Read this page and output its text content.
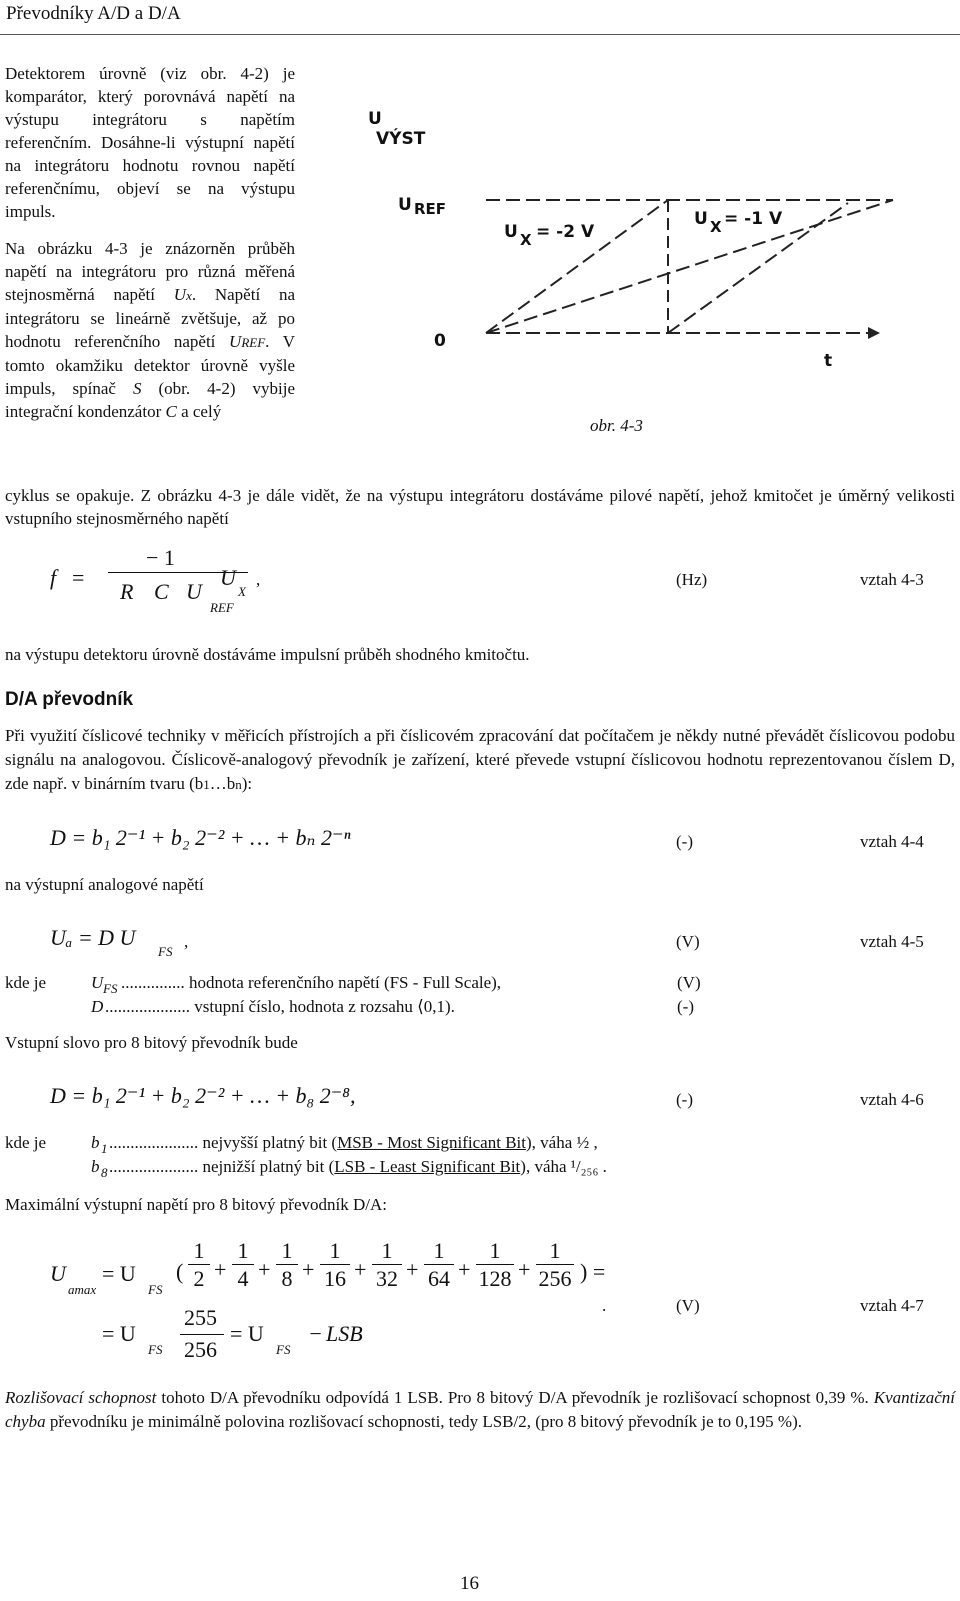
Převodníky A/D a D/A

Detektorem úrovně (viz obr. 4-2) je komparátor, který porovnává napětí na výstupu integrátoru s napětím referenčním. Dosáhne-li výstupní napětí na integrátoru hodnotu rovnou napětí referenčnímu, objeví se na výstupu impuls.

Na obrázku 4-3 je znázorněn průběh napětí na integrátoru pro různá měřená stejnosměrná napětí Ux. Napětí na integrátoru se lineárně zvětšuje, až po hodnotu referenčního napětí UREF. V tomto okamžiku detektor úrovně vyšle impuls, spínač S (obr. 4-2) vybije integrační kondenzátor C a celý

U
VÝST
U REF
U X = -2 V
U X = -1 V
0
t
obr. 4-3
cyklus se opakuje. Z obrázku 4-3 je dále vidět, že na výstupu integrátoru dostáváme pilové napětí, jehož kmitočet je úměrný velikosti vstupního stejnosměrného napětí
f =
− 1
R C U
REF
U
X
,	(Hz)	vztah 4-3
na výstupu detektoru úrovně dostáváme impulsní průběh shodného kmitočtu.
D/A převodník
Při využití číslicové techniky v měřicích přístrojích a při číslicovém zpracování dat počítačem je někdy nutné převádět číslicovou podobu signálu na analogovou. Číslicově-analogový převodník je zařízení, které převede vstupní číslicovou hodnotu reprezentovanou číslem D, zde např. v binárním tvaru (b1…bn):
D = b₁ 2⁻¹ + b₂ 2⁻² + … + bₙ 2⁻ⁿ	(-)	vztah 4-4
na výstupní analogové napětí
Uₐ = D U
FS
,	(V)	vztah 4-5
kde je	U FS ............... hodnota referenčního napětí (FS - Full Scale),	(V)
D .................... vstupní číslo, hodnota z rozsahu ⟨0,1).	(-)
Vstupní slovo pro 8 bitový převodník bude
D = b₁ 2⁻¹ + b₂ 2⁻² + … + b₈ 2⁻⁸,	(-)	vztah 4-6
kde je	b 1 ..................... nejvyšší platný bit (MSB - Most Significant Bit), váha ½ ,
b 8 ..................... nejnižší platný bit (LSB - Least Significant Bit), váha ¹/₂₅₆ .
Maximální výstupní napětí pro 8 bitový převodník D/A:
U
amax
= U
FS
(
1
2 +
1
4 +
1
8 +
1
16 +
1
32 +
1
64 +
1
128 +
1
256 ) =
= U
FS
255
256
= U
FS
− LSB
.	(V)	vztah 4-7
Rozlišovací schopnost tohoto D/A převodníku odpovídá 1 LSB. Pro 8 bitový D/A převodník je rozlišovací schopnost 0,39 %. Kvantizační chyba převodníku je minimálně polovina rozlišovací schopnosti, tedy LSB/2, (pro 8 bitový převodník je to 0,195 %).
16
